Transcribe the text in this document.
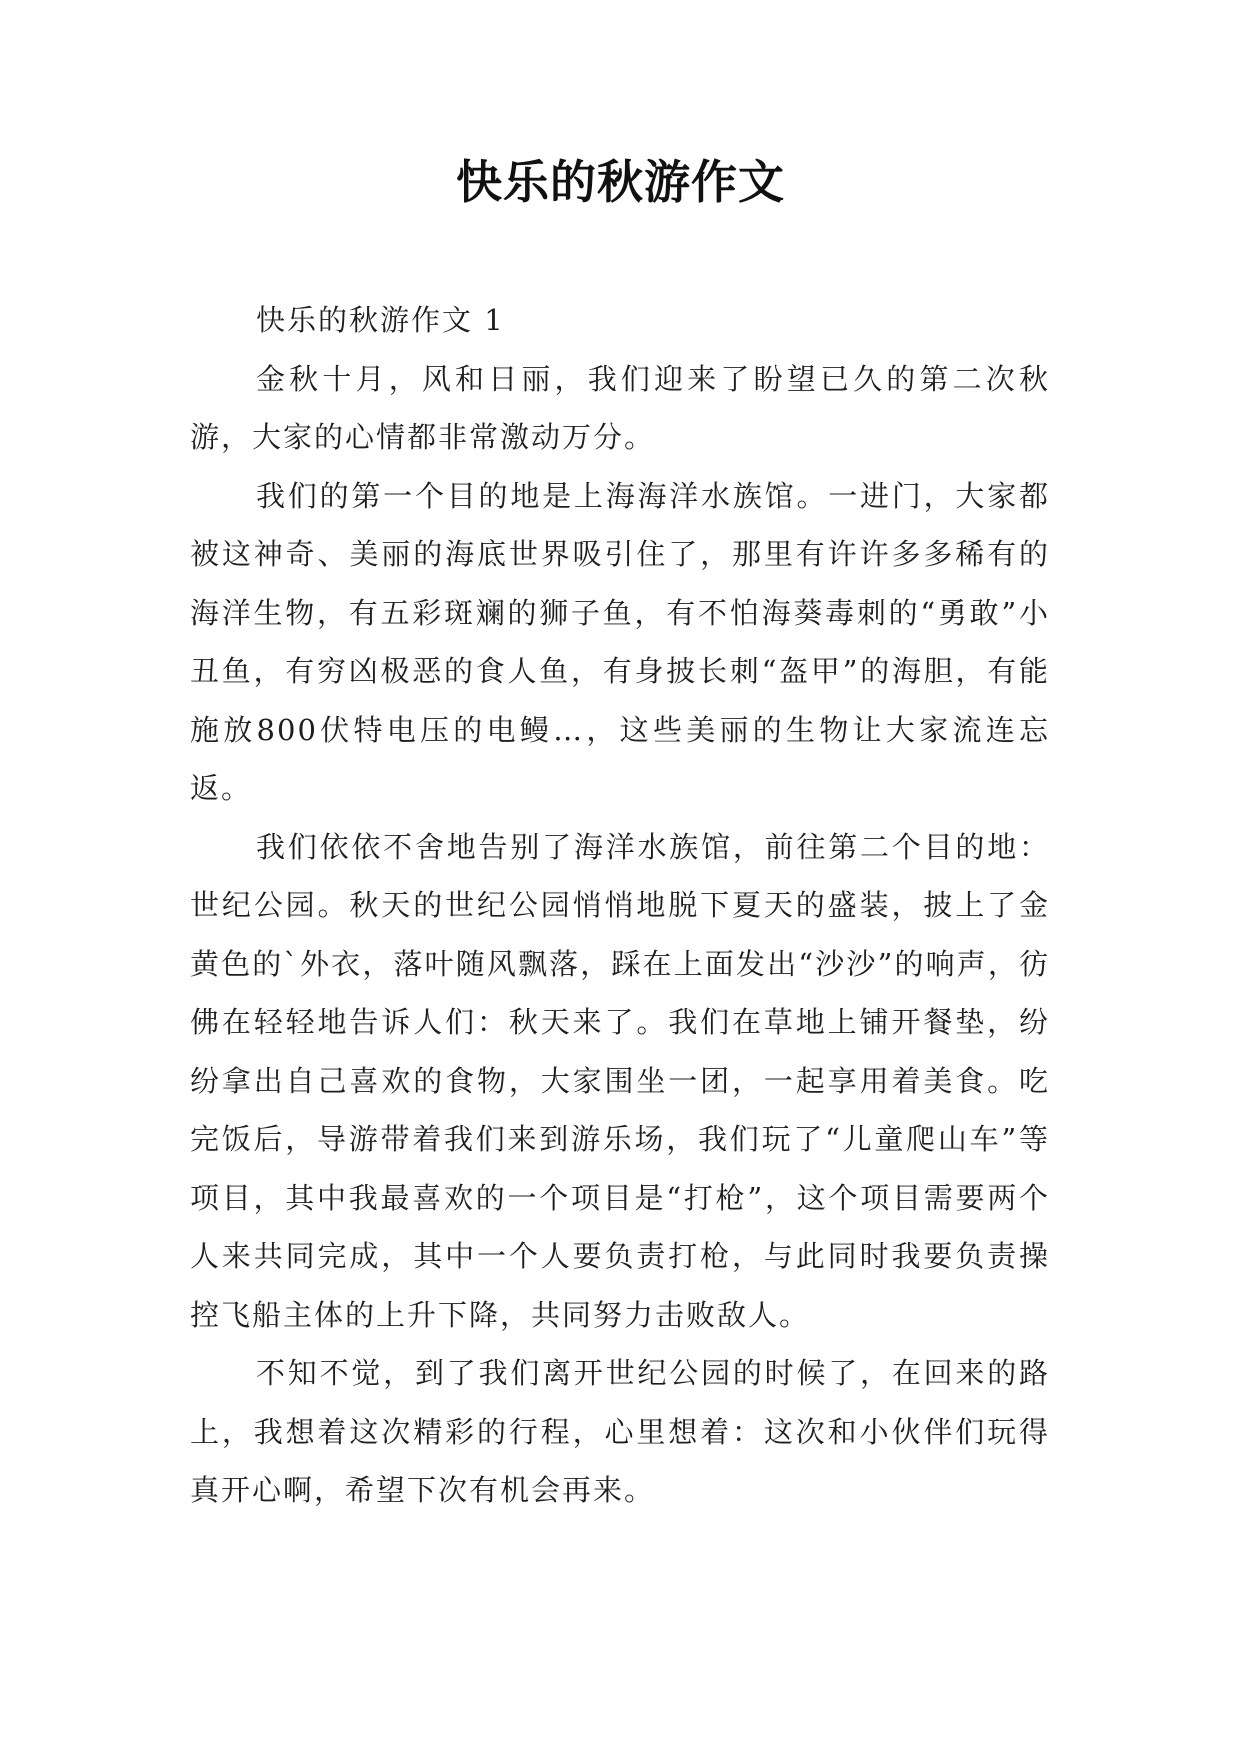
快乐的秋游作文

快乐的秋游作文 1

金秋十月，风和日丽，我们迎来了盼望已久的第二次秋游，大家的心情都非常激动万分。

我们的第一个目的地是上海海洋水族馆。一进门，大家都被这神奇、美丽的海底世界吸引住了，那里有许许多多稀有的海洋生物，有五彩斑斓的狮子鱼，有不怕海葵毒刺的“勇敢”小丑鱼，有穷凶极恶的食人鱼，有身披长刺“盔甲”的海胆，有能施放800伏特电压的电鳗…，这些美丽的生物让大家流连忘返。

我们依依不舍地告别了海洋水族馆，前往第二个目的地：世纪公园。秋天的世纪公园悄悄地脱下夏天的盛装，披上了金黄色的`外衣，落叶随风飘落，踩在上面发出“沙沙”的响声，彷佛在轻轻地告诉人们：秋天来了。我们在草地上铺开餐垫，纷纷拿出自己喜欢的食物，大家围坐一团，一起享用着美食。吃完饭后，导游带着我们来到游乐场，我们玩了“儿童爬山车”等项目，其中我最喜欢的一个项目是“打枪”，这个项目需要两个人来共同完成，其中一个人要负责打枪，与此同时我要负责操控飞船主体的上升下降，共同努力击败敌人。

不知不觉，到了我们离开世纪公园的时候了，在回来的路上，我想着这次精彩的行程，心里想着：这次和小伙伴们玩得真开心啊，希望下次有机会再来。
